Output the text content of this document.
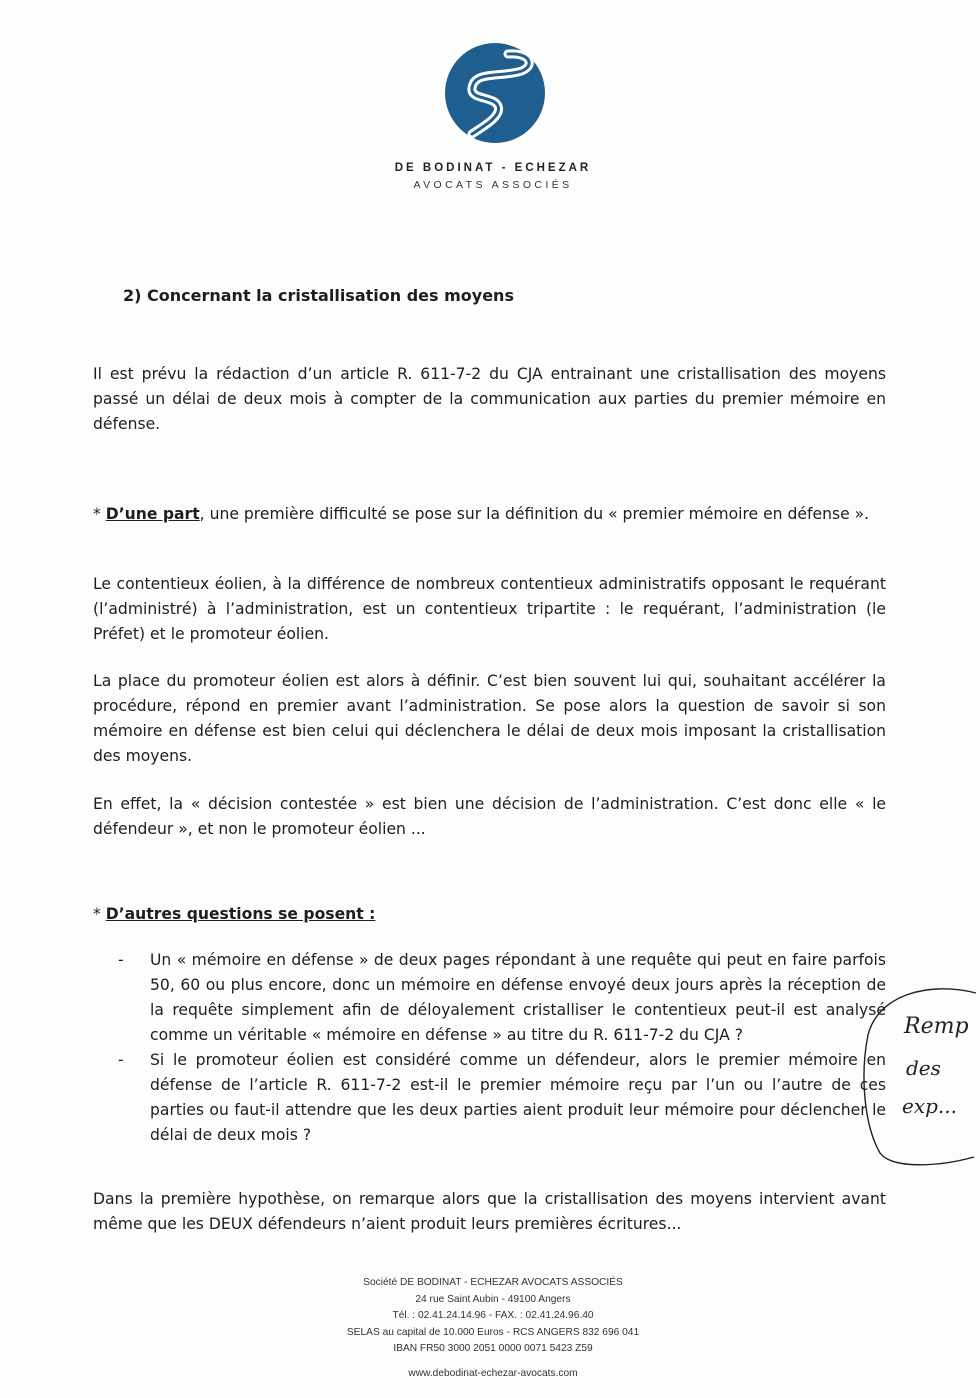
DE BODINAT - ECHEZAR
AVOCATS ASSOCIÉS
2) Concernant la cristallisation des moyens

Il est prévu la rédaction d’un article R. 611-7-2 du CJA entrainant une cristallisation des moyens passé un délai de deux mois à compter de la communication aux parties du premier mémoire en défense.

* D’une part, une première difficulté se pose sur la définition du « premier mémoire en défense ».

Le contentieux éolien, à la différence de nombreux contentieux administratifs opposant le requérant (l’administré) à l’administration, est un contentieux tripartite : le requérant, l’administration (le Préfet) et le promoteur éolien.

La place du promoteur éolien est alors à définir. C’est bien souvent lui qui, souhaitant accélérer la procédure, répond en premier avant l’administration. Se pose alors la question de savoir si son mémoire en défense est bien celui qui déclenchera le délai de deux mois imposant la cristallisation des moyens.

En effet, la « décision contestée » est bien une décision de l’administration. C’est donc elle « le défendeur », et non le promoteur éolien ...

* D’autres questions se posent :

- Un « mémoire en défense » de deux pages répondant à une requête qui peut en faire parfois 50, 60 ou plus encore, donc un mémoire en défense envoyé deux jours après la réception de la requête simplement afin de déloyalement cristalliser le contentieux peut-il est analysé comme un véritable « mémoire en défense » au titre du R. 611-7-2 du CJA ?
- Si le promoteur éolien est considéré comme un défendeur, alors le premier mémoire en défense de l’article R. 611-7-2 est-il le premier mémoire reçu par l’un ou l’autre de ces parties ou faut-il attendre que les deux parties aient produit leur mémoire pour déclencher le délai de deux mois ?

Dans la première hypothèse, on remarque alors que la cristallisation des moyens intervient avant même que les DEUX défendeurs n’aient produit leurs premières écritures...

Remp
des
exp...
Société DE BODINAT - ECHEZAR AVOCATS ASSOCIÉS
24 rue Saint Aubin - 49100 Angers
Tél. : 02.41.24.14.96 - FAX. : 02.41.24.96.40
SELAS au capital de 10.000 Euros - RCS ANGERS 832 696 041
IBAN FR50 3000 2051 0000 0071 5423 Z59
www.debodinat-echezar-avocats.com
